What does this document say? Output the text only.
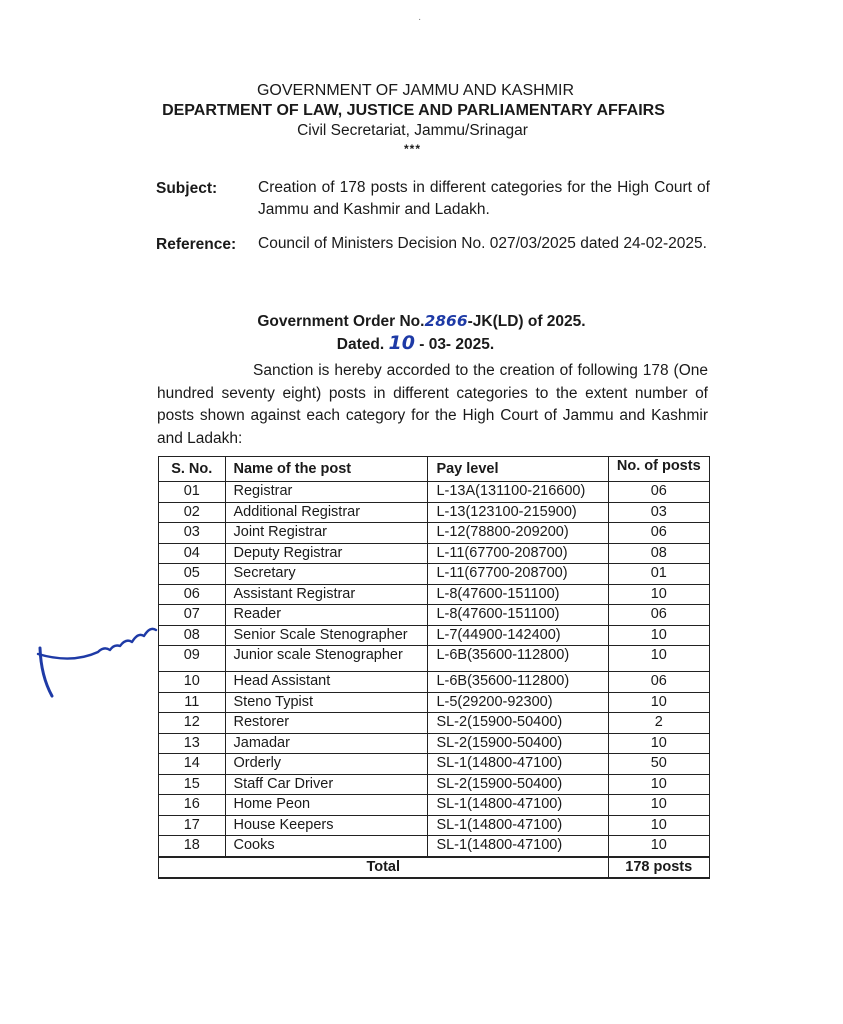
·
GOVERNMENT OF JAMMU AND KASHMIR
DEPARTMENT OF LAW, JUSTICE AND PARLIAMENTARY AFFAIRS
Civil Secretariat, Jammu/Srinagar
***
Subject:	Creation of 178 posts in different categories for the High Court of Jammu and Kashmir and Ladakh.
Reference: Council of Ministers Decision No. 027/03/2025 dated 24-02-2025.
Government Order No.2866-JK(LD) of 2025.
Dated. 10 - 03- 2025.
Sanction is hereby accorded to the creation of following 178 (One hundred seventy eight) posts in different categories to the extent number of posts shown against each category for the High Court of Jammu and Kashmir and Ladakh:
S. No.	Name of the post	Pay level	No. of posts
01	Registrar	L-13A(131100-216600)	06
02	Additional Registrar	L-13(123100-215900)	03
03	Joint Registrar	L-12(78800-209200)	06
04	Deputy Registrar	L-11(67700-208700)	08
05	Secretary	L-11(67700-208700)	01
06	Assistant Registrar	L-8(47600-151100)	10
07	Reader	L-8(47600-151100)	06
08	Senior Scale Stenographer	L-7(44900-142400)	10
09	Junior scale Stenographer	L-6B(35600-112800)	10
10	Head Assistant	L-6B(35600-112800)	06
11	Steno Typist	L-5(29200-92300)	10
12	Restorer	SL-2(15900-50400)	2
13	Jamadar	SL-2(15900-50400)	10
14	Orderly	SL-1(14800-47100)	50
15	Staff Car Driver	SL-2(15900-50400)	10
16	Home Peon	SL-1(14800-47100)	10
17	House Keepers	SL-1(14800-47100)	10
18	Cooks	SL-1(14800-47100)	10
Total			178 posts
